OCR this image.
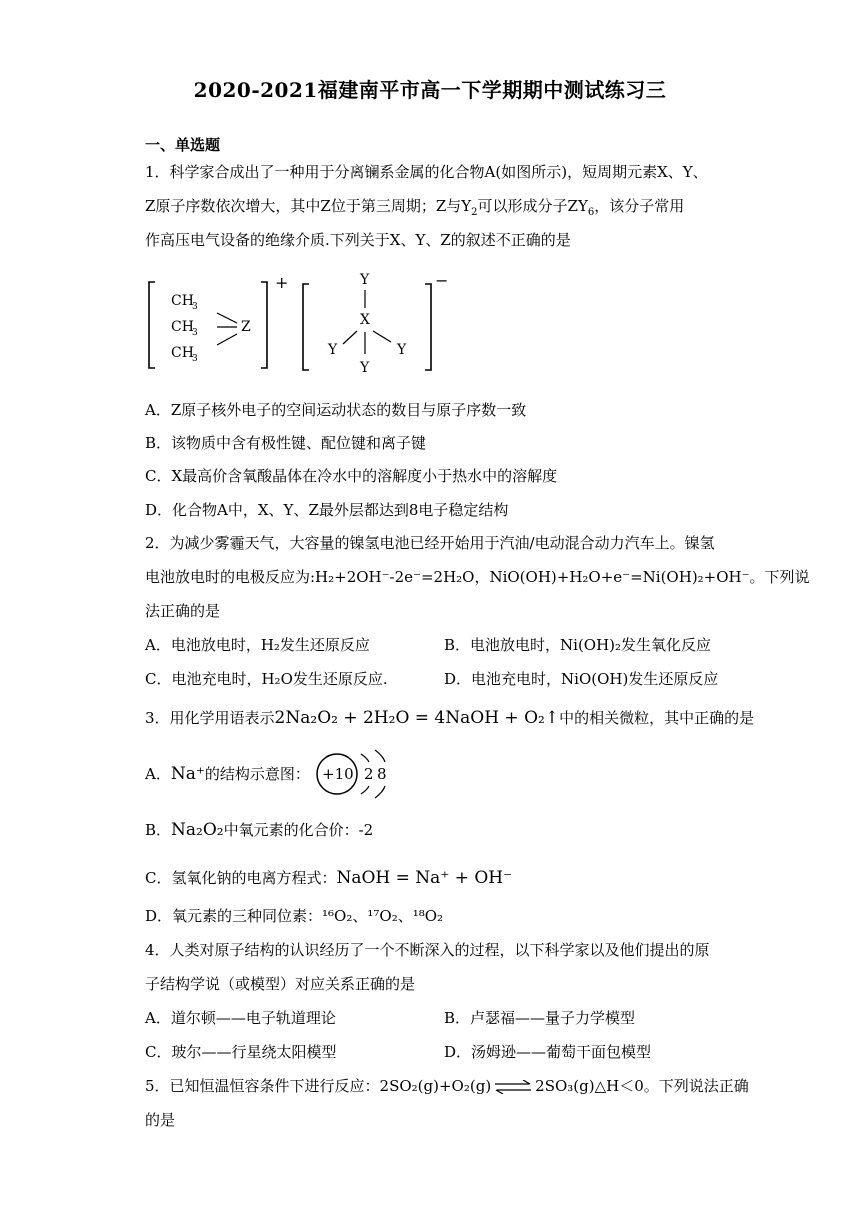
2020-2021福建南平市高一下学期期中测试练习三
一、单选题
1．科学家合成出了一种用于分离镧系金属的化合物A(如图所示)，短周期元素X、Y、
Z原子序数依次增大，其中Z位于第三周期；Z与$Y_2$可以形成分子$ZY_6$，该分子常用
作高压电气设备的绝缘介质.下列关于X、Y、Z的叙述不正确的是
CH
3
CH
3
CH
3
Z
+	Y
X
Y	Y
Y
−
A．Z原子核外电子的空间运动状态的数目与原子序数一致
B．该物质中含有极性键、配位键和离子键
C．X最高价含氧酸晶体在冷水中的溶解度小于热水中的溶解度
D．化合物A中，X、Y、Z最外层都达到8电子稳定结构
2．为减少雾霾天气，大容量的镍氢电池已经开始用于汽油/电动混合动力汽车上。镍氢
电池放电时的电极反应为:H₂+2OH⁻-2e⁻=2H₂O，NiO(OH)+H₂O+e⁻=Ni(OH)₂+OH⁻。下列说
法正确的是
A．电池放电时，H₂发生还原反应	B．电池放电时，Ni(OH)₂发生氧化反应
C．电池充电时，H₂O发生还原反应.	D．电池充电时，NiO(OH)发生还原反应
3．用化学用语表示2Na₂O₂ + 2H₂O = 4NaOH + O₂↑中的相关微粒，其中正确的是
A．Na⁺的结构示意图： +10 2 8
B．Na₂O₂中氧元素的化合价：-2
C．氢氧化钠的电离方程式：NaOH = Na⁺ + OH⁻
D．氧元素的三种同位素：¹⁶O₂、¹⁷O₂、¹⁸O₂
4．人类对原子结构的认识经历了一个不断深入的过程，以下科学家以及他们提出的原
子结构学说（或模型）对应关系正确的是
A．道尔顿——电子轨道理论	B．卢瑟福——量子力学模型
C．玻尔——行星绕太阳模型	D．汤姆逊——葡萄干面包模型
5．已知恒温恒容条件下进行反应：2SO₂(g)+O₂(g) ⇌ 2SO₃(g)△H＜0。下列说法正确
的是
